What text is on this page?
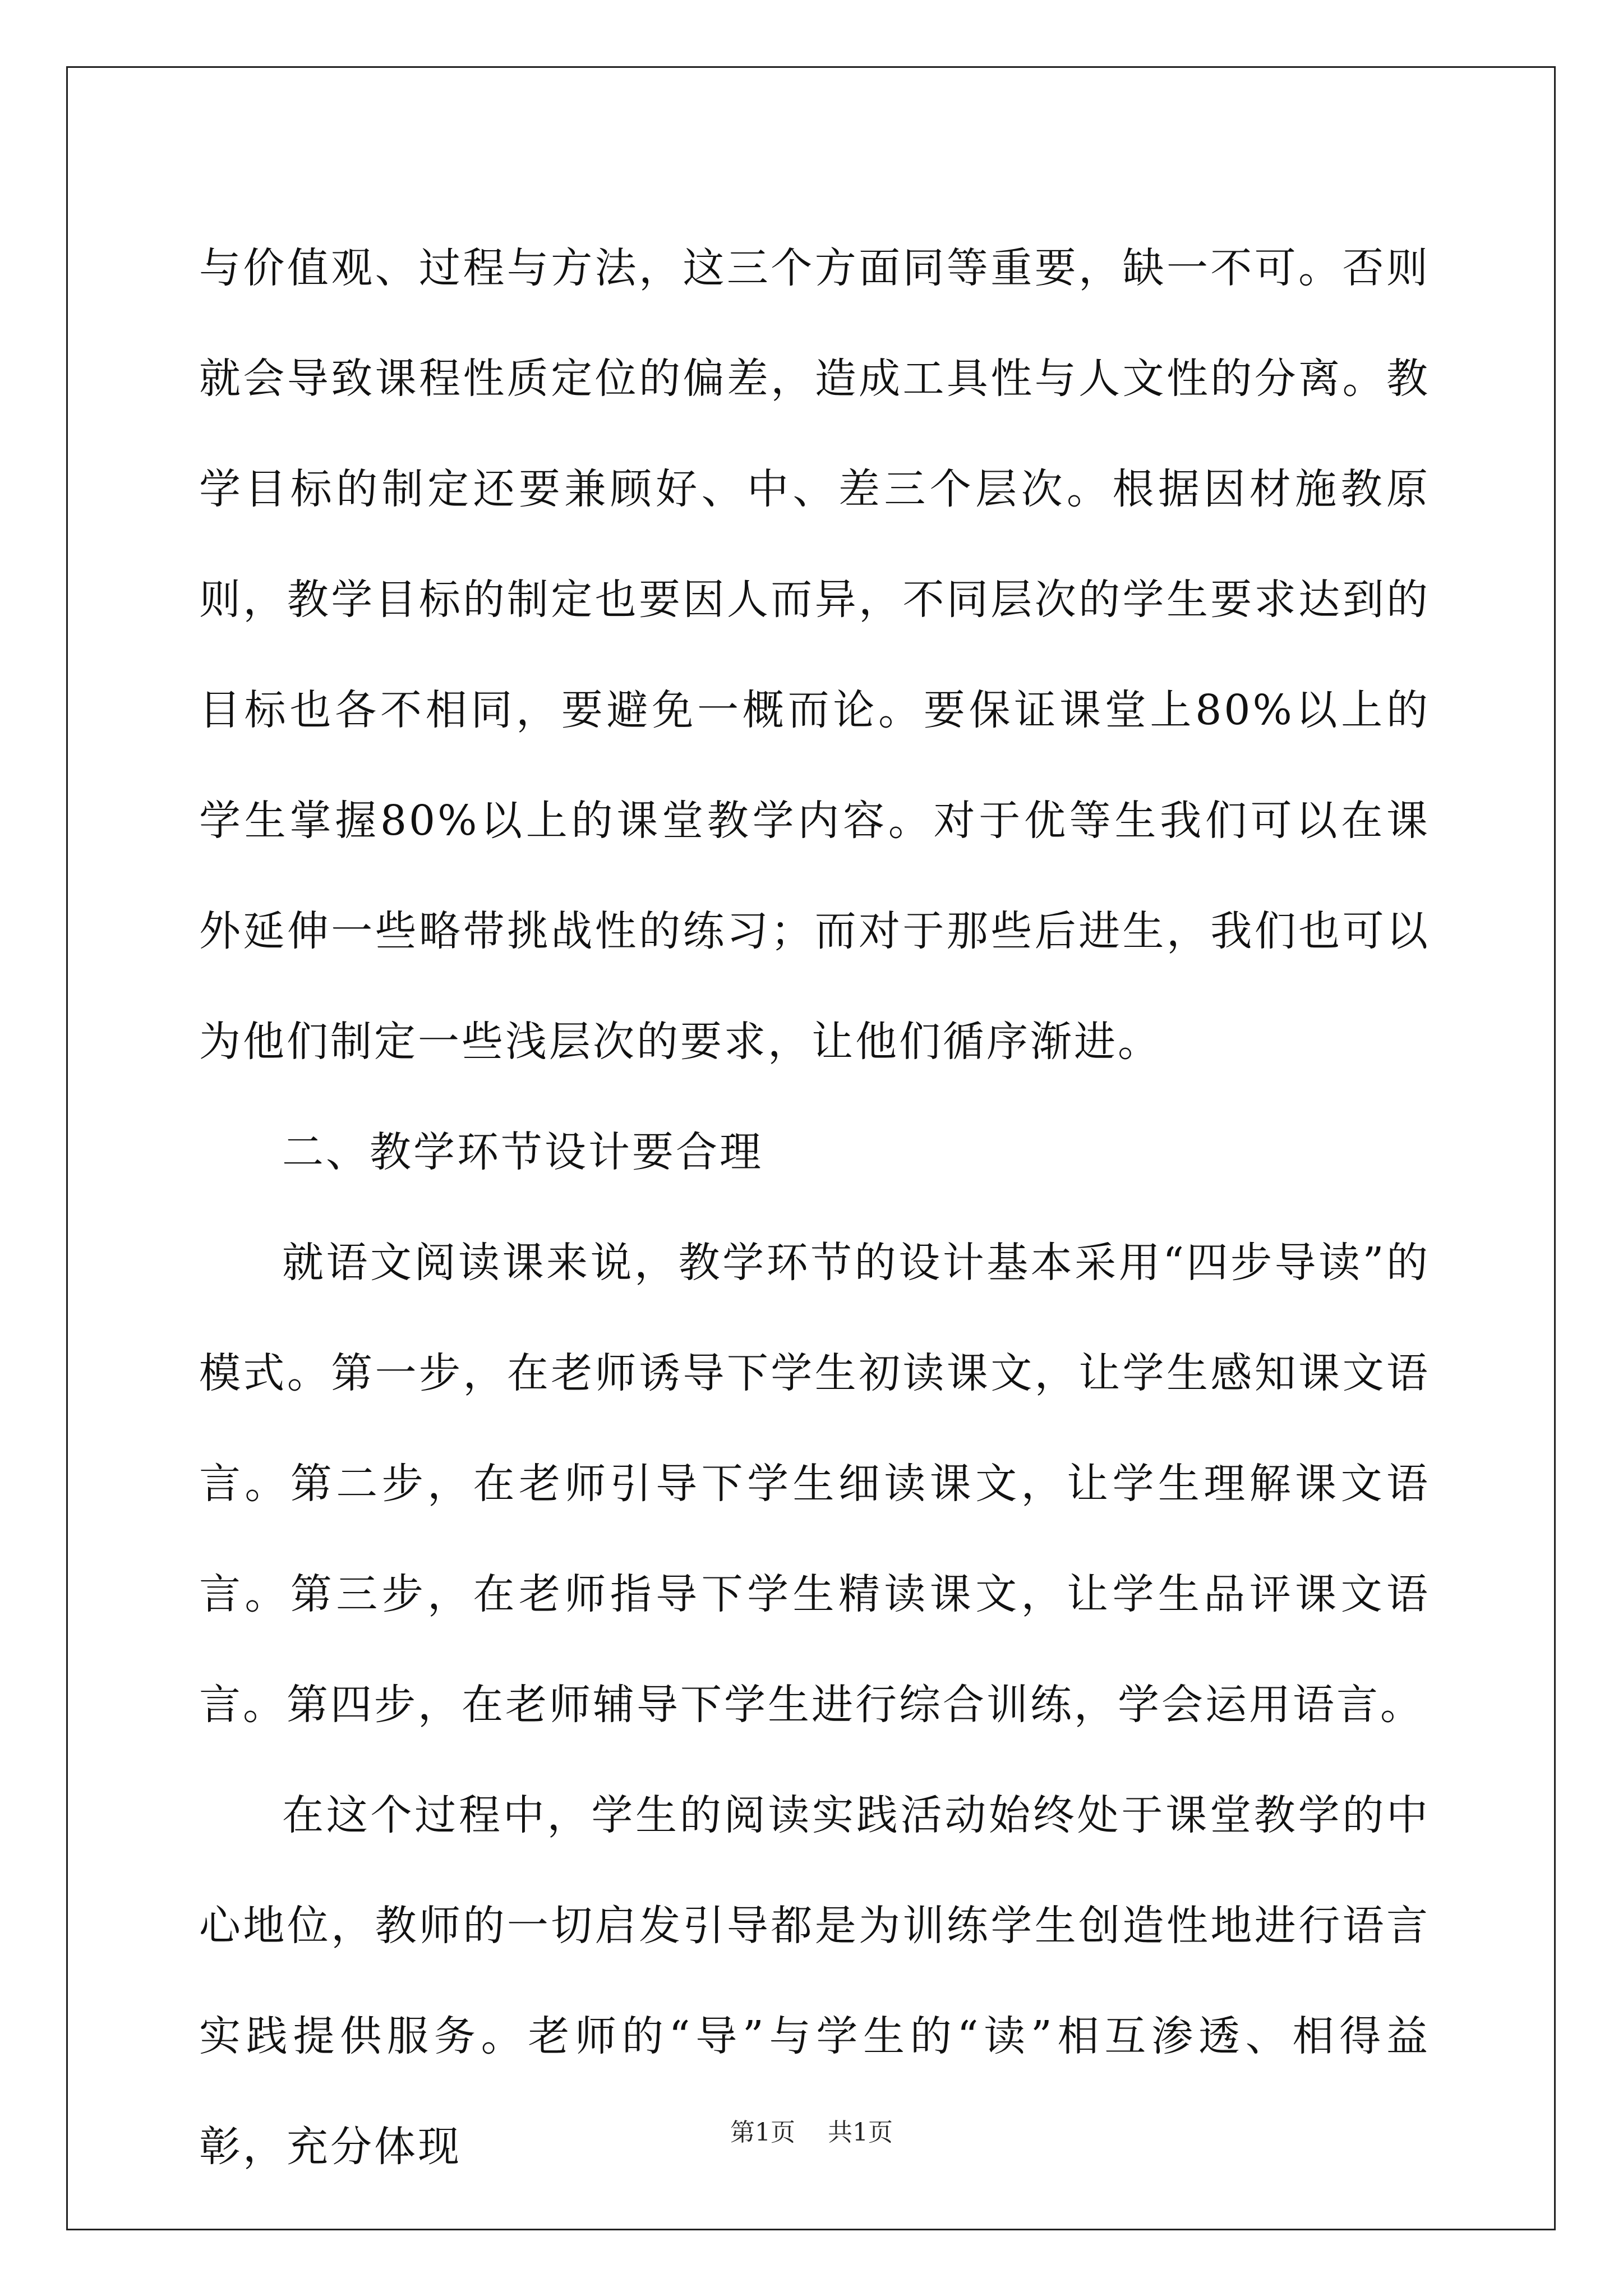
与价值观、过程与方法，这三个方面同等重要，缺一不可。否则就会导致课程性质定位的偏差，造成工具性与人文性的分离。教学目标的制定还要兼顾好、中、差三个层次。根据因材施教原则，教学目标的制定也要因人而异，不同层次的学生要求达到的目标也各不相同，要避免一概而论。要保证课堂上80%以上的学生掌握80%以上的课堂教学内容。对于优等生我们可以在课外延伸一些略带挑战性的练习；而对于那些后进生，我们也可以为他们制定一些浅层次的要求，让他们循序渐进。

二、教学环节设计要合理

就语文阅读课来说，教学环节的设计基本采用“四步导读”的模式。第一步，在老师诱导下学生初读课文，让学生感知课文语言。第二步，在老师引导下学生细读课文，让学生理解课文语言。第三步，在老师指导下学生精读课文，让学生品评课文语言。第四步，在老师辅导下学生进行综合训练，学会运用语言。

在这个过程中，学生的阅读实践活动始终处于课堂教学的中心地位，教师的一切启发引导都是为训练学生创造性地进行语言实践提供服务。老师的“导”与学生的“读”相互渗透、相得益彰，充分体现	第1页 共1页
